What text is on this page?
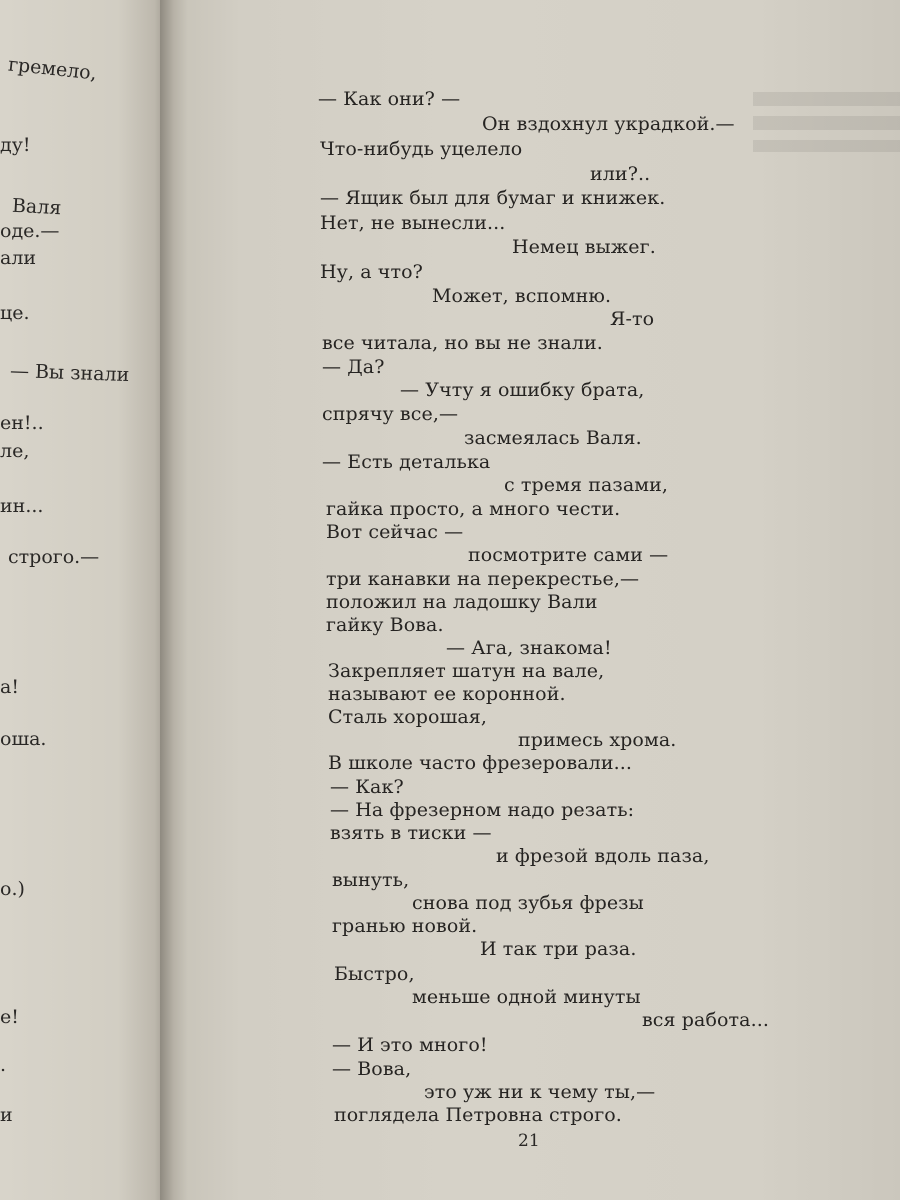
гремело,
ду!
Валя
оде.—
али
це.
— Вы знали
ен!..
ле,
ин...
строго.—
а!
оша.
о.)
е!
.
и
— Как они? —
Он вздохнул украдкой.—
Что-нибудь уцелело
или?..
— Ящик был для бумаг и книжек.
Нет, не вынесли...
Немец выжег.
Ну, а что?
Может, вспомню.
Я-то
все читала, но вы не знали.
— Да?
— Учту я ошибку брата,
спрячу все,—
засмеялась Валя.
— Есть деталька
с тремя пазами,
гайка просто, а много чести.
Вот сейчас —
посмотрите сами —
три канавки на перекрестье,—
положил на ладошку Вали
гайку Вова.
— Ага, знакома!
Закрепляет шатун на вале,
называют ее коронной.
Сталь хорошая,
примесь хрома.
В школе часто фрезеровали...
— Как?
— На фрезерном надо резать:
взять в тиски —
и фрезой вдоль паза,
вынуть,
снова под зубья фрезы
гранью новой.
И так три раза.
Быстро,
меньше одной минуты
вся работа...
— И это много!
— Вова,
это уж ни к чему ты,—
поглядела Петровна строго.
21
